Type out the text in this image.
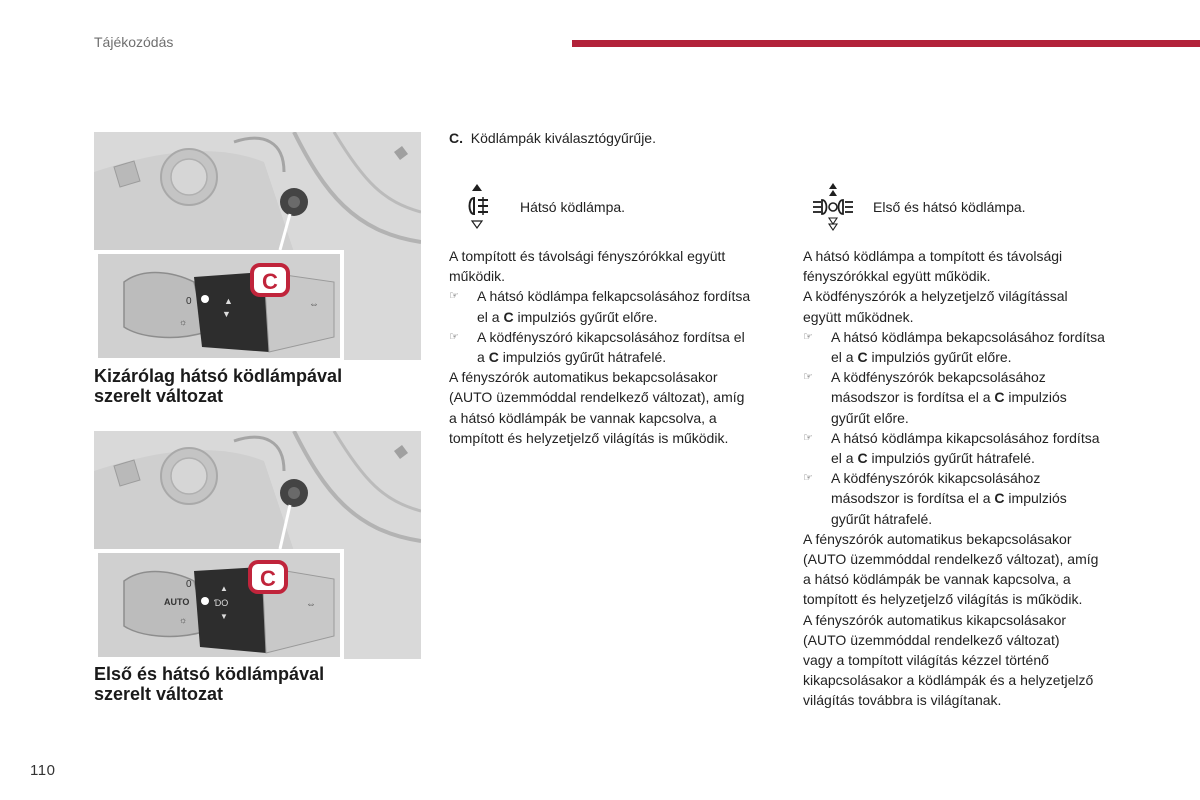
Tájékozódás
0
☼
▲
▼
⇔
C
Kizárólag hátsó ködlámpával
szerelt változat
0
AUTO
☼
▲
ƊO
▼
⇔
C
Első és hátsó ködlámpával
szerelt változat

C. Ködlámpák kiválasztógyűrűje.

Hátsó ködlámpa.	Első és hátsó ködlámpa.

A tompított és távolsági fényszórókkal együtt

működik.

☞ A hátsó ködlámpa felkapcsolásához fordítsa

el a C impulziós gyűrűt előre.

☞ A ködfényszóró kikapcsolásához fordítsa el

a C impulziós gyűrűt hátrafelé.

A fényszórók automatikus bekapcsolásakor

(AUTO üzemmóddal rendelkező változat), amíg

a hátsó ködlámpák be vannak kapcsolva, a

tompított és helyzetjelző világítás is működik.

A hátsó ködlámpa a tompított és távolsági

fényszórókkal együtt működik.

A ködfényszórók a helyzetjelző világítással

együtt működnek.

☞ A hátsó ködlámpa bekapcsolásához fordítsa

el a C impulziós gyűrűt előre.

☞ A ködfényszórók bekapcsolásához

másodszor is fordítsa el a C impulziós

gyűrűt előre.

☞ A hátsó ködlámpa kikapcsolásához fordítsa

el a C impulziós gyűrűt hátrafelé.

☞ A ködfényszórók kikapcsolásához

másodszor is fordítsa el a C impulziós

gyűrűt hátrafelé.

A fényszórók automatikus bekapcsolásakor

(AUTO üzemmóddal rendelkező változat), amíg

a hátsó ködlámpák be vannak kapcsolva, a

tompított és helyzetjelző világítás is működik.

A fényszórók automatikus kikapcsolásakor

(AUTO üzemmóddal rendelkező változat)

vagy a tompított világítás kézzel történő

kikapcsolásakor a ködlámpák és a helyzetjelző

világítás továbbra is világítanak.

110
